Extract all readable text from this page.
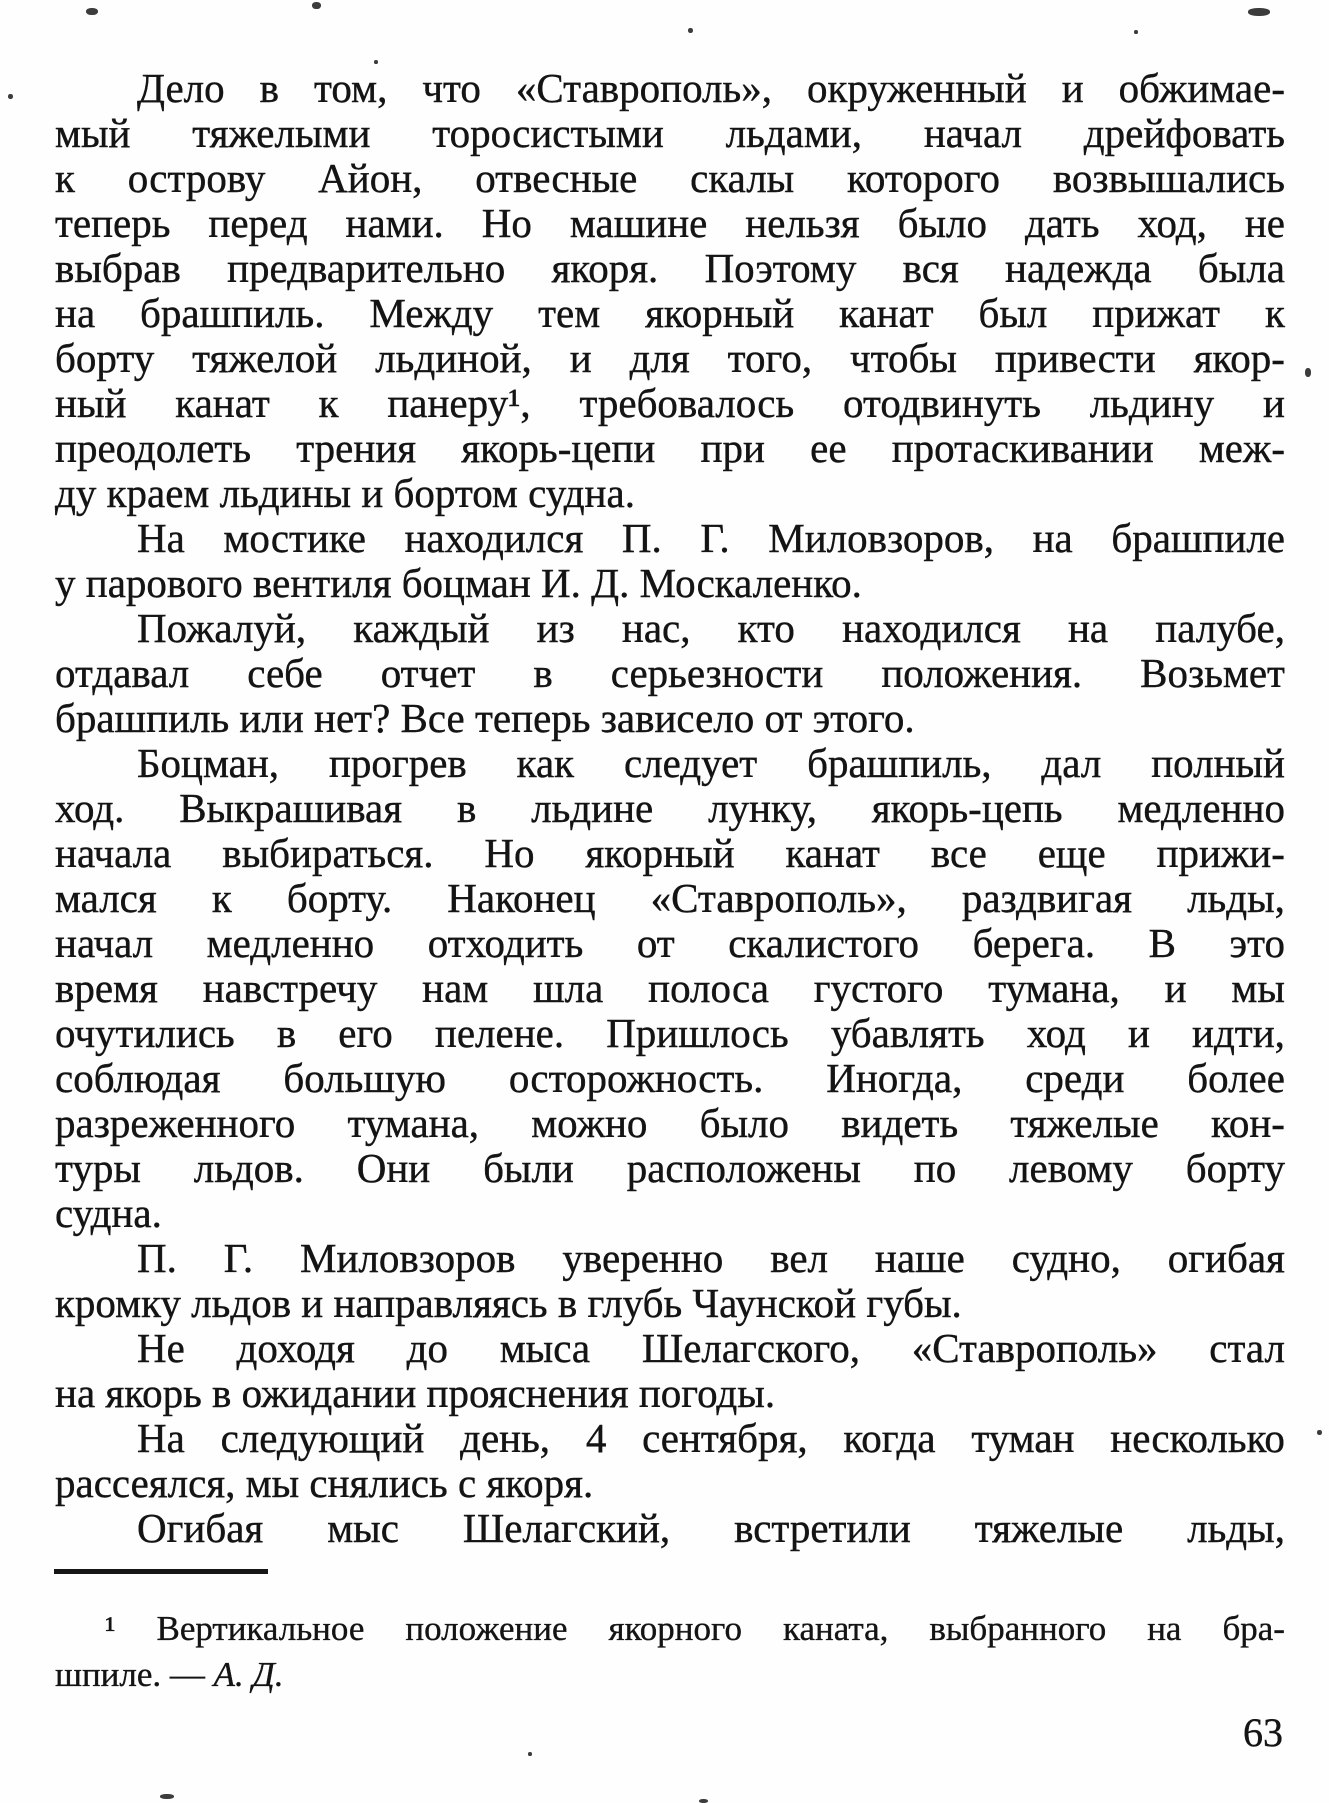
Дело в том, что «Ставрополь», окруженный и обжимае-
мый тяжелыми торосистыми льдами, начал дрейфовать
к острову Айон, отвесные скалы которого возвышались
теперь перед нами. Но машине нельзя было дать ход, не
выбрав предварительно якоря. Поэтому вся надежда была
на брашпиль. Между тем якорный канат был прижат к
борту тяжелой льдиной, и для того, чтобы привести якор-
ный канат к панеру¹, требовалось отодвинуть льдину и
преодолеть трения якорь-цепи при ее протаскивании меж-
ду краем льдины и бортом судна.
На мостике находился П. Г. Миловзоров, на брашпиле
у парового вентиля боцман И. Д. Москаленко.
Пожалуй, каждый из нас, кто находился на палубе,
отдавал себе отчет в серьезности положения. Возьмет
брашпиль или нет? Все теперь зависело от этого.
Боцман, прогрев как следует брашпиль, дал полный
ход. Выкрашивая в льдине лунку, якорь-цепь медленно
начала выбираться. Но якорный канат все еще прижи-
мался к борту. Наконец «Ставрополь», раздвигая льды,
начал медленно отходить от скалистого берега. В это
время навстречу нам шла полоса густого тумана, и мы
очутились в его пелене. Пришлось убавлять ход и идти,
соблюдая большую осторожность. Иногда, среди более
разреженного тумана, можно было видеть тяжелые кон-
туры льдов. Они были расположены по левому борту
судна.
П. Г. Миловзоров уверенно вел наше судно, огибая
кромку льдов и направляясь в глубь Чаунской губы.
Не доходя до мыса Шелагского, «Ставрополь» стал
на якорь в ожидании прояснения погоды.
На следующий день, 4 сентября, когда туман несколько
рассеялся, мы снялись с якоря.
Огибая мыс Шелагский, встретили тяжелые льды,
¹ Вертикальное положение якорного каната, выбранного на бра-
шпиле. — А. Д.
63
